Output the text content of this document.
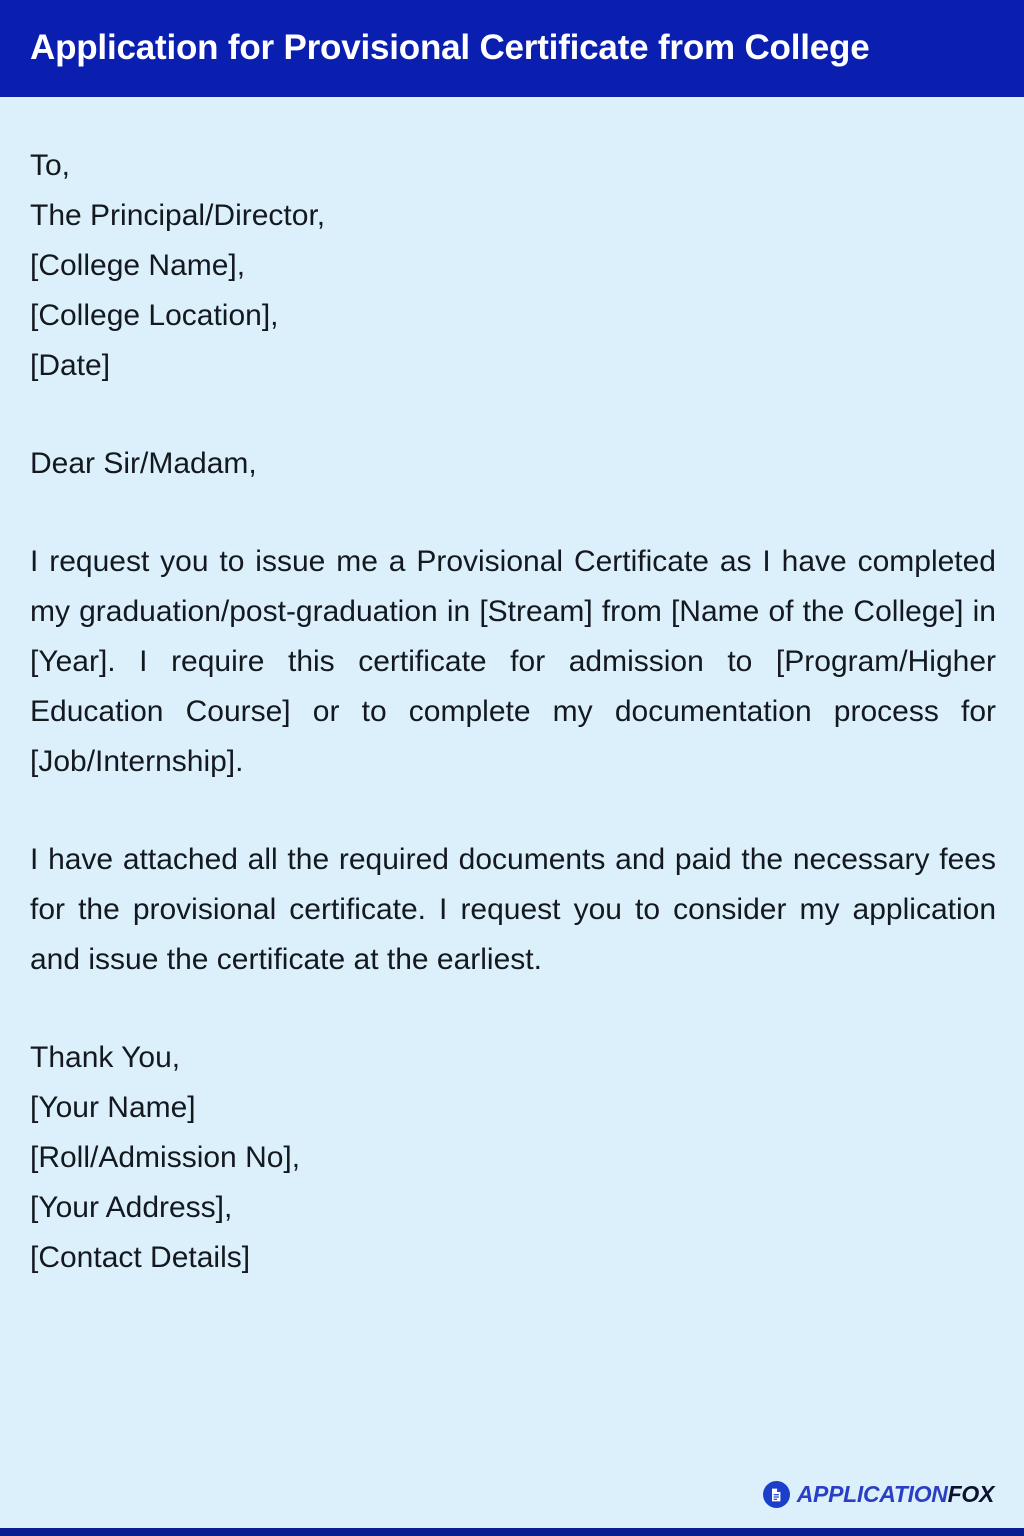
Application for Provisional Certificate from College
To,
The Principal/Director,
[College Name],
[College Location],
[Date]
Dear Sir/Madam,

I request you to issue me a Provisional Certificate as I have completed my graduation/post-graduation in [Stream] from [Name of the College] in [Year]. I require this certificate for admission to [Program/Higher Education Course] or to complete my documentation process for [Job/Internship].

I have attached all the required documents and paid the necessary fees for the provisional certificate. I request you to consider my application and issue the certificate at the earliest.

Thank You,
[Your Name]
[Roll/Admission No],
[Your Address],
[Contact Details]
APPLICATIONFOX
